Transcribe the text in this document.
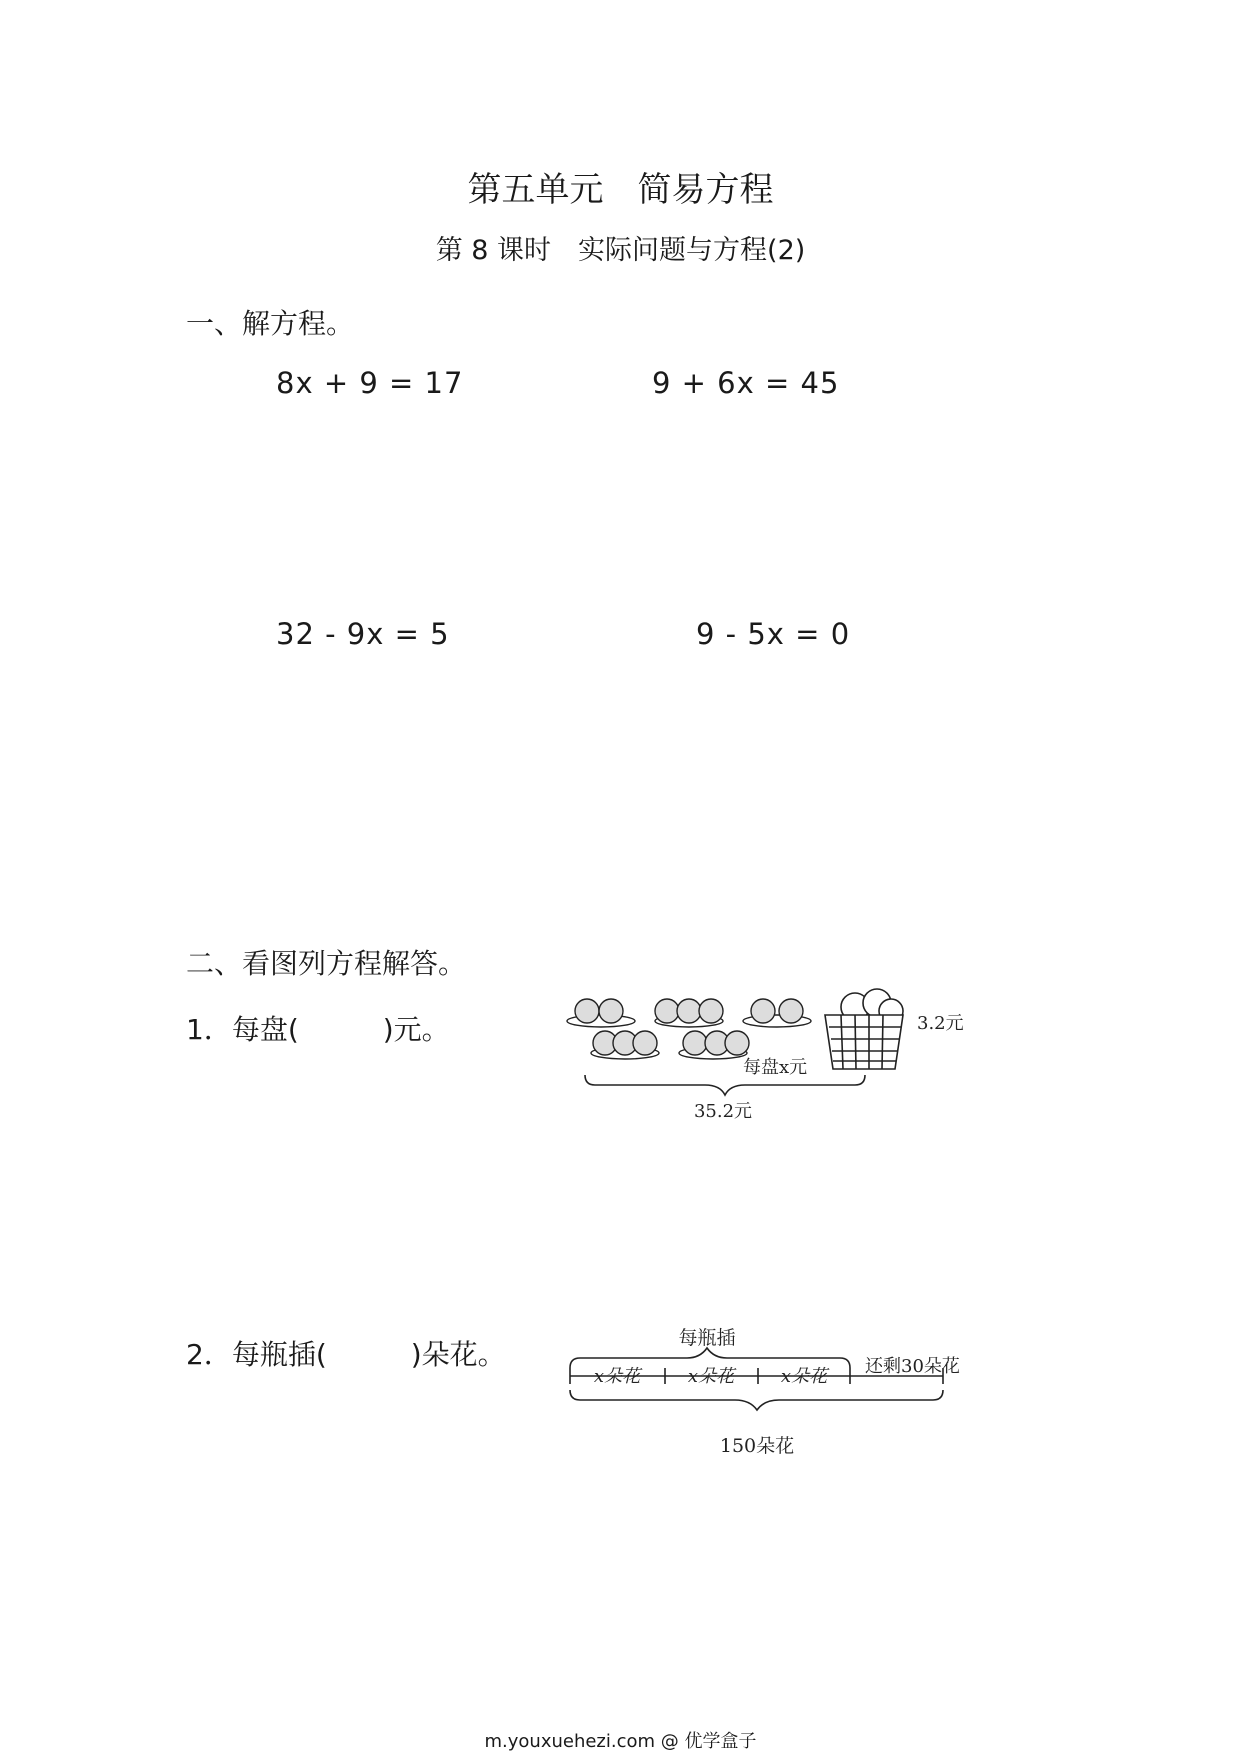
第五单元　简易方程
第 8 课时　实际问题与方程(2)
一、解方程。
8x + 9 = 17	9 + 6x = 45
32 - 9x = 5	9 - 5x = 0
二、看图列方程解答。
1．每盘(　　　)元。	3.2元
每盘x元
35.2元
2．每瓶插(　　　)朵花。	每瓶插
x朵花	x朵花	x朵花 还剩30朵花
150朵花
m.youxuehezi.com @ 优学盒子
